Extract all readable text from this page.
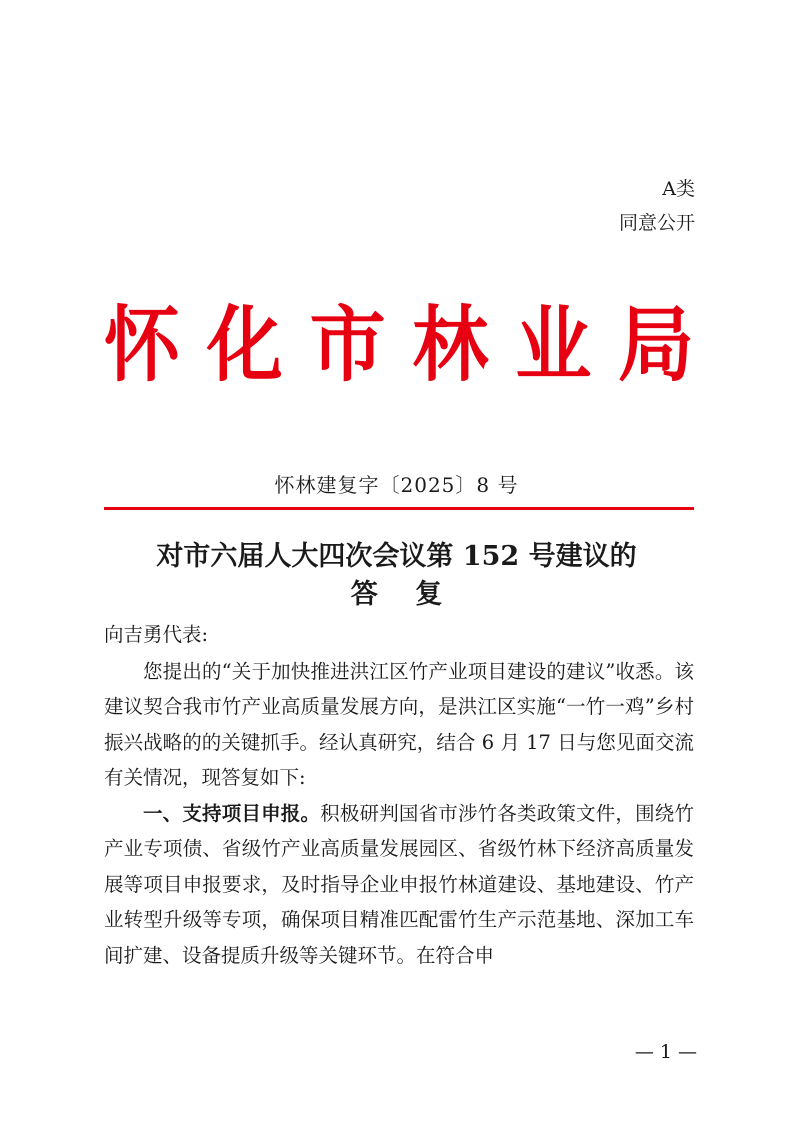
A类
同意公开
怀 化 市 林 业 局
怀林建复字〔2025〕8 号
对市六届人大四次会议第 152 号建议的
答 复

向吉勇代表:

您提出的“关于加快推进洪江区竹产业项目建设的建议”收悉。该建议契合我市竹产业高质量发展方向，是洪江区实施“一竹一鸡”乡村振兴战略的的关键抓手。经认真研究，结合 6 月 17 日与您见面交流有关情况，现答复如下:

一、支持项目申报。积极研判国省市涉竹各类政策文件，围绕竹产业专项债、省级竹产业高质量发展园区、省级竹林下经济高质量发展等项目申报要求，及时指导企业申报竹林道建设、基地建设、竹产业转型升级等专项，确保项目精准匹配雷竹生产示范基地、深加工车间扩建、设备提质升级等关键环节。在符合申

— 1 —
